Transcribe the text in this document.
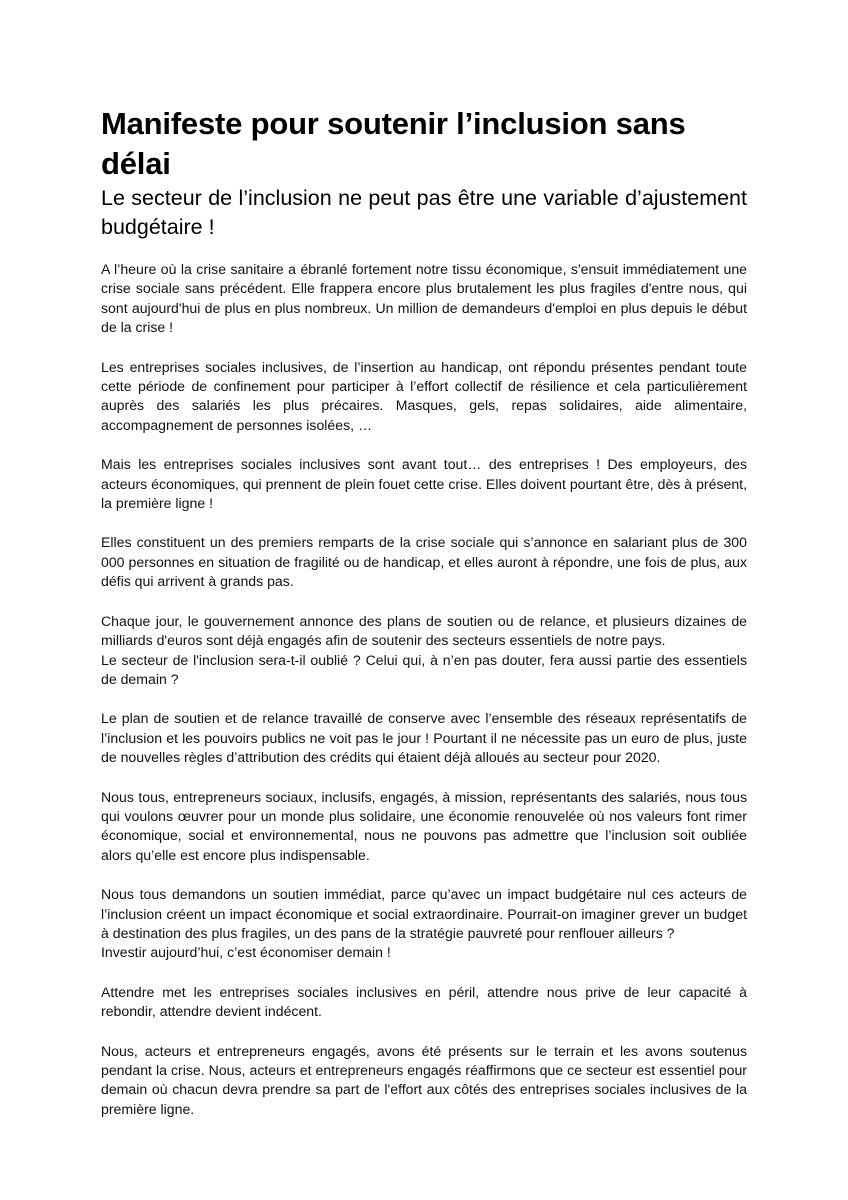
Manifeste pour soutenir l’inclusion sans délai
Le secteur de l’inclusion ne peut pas être une variable d’ajustement budgétaire !

A l’heure où la crise sanitaire a ébranlé fortement notre tissu économique, s'ensuit immédiatement une crise sociale sans précédent. Elle frappera encore plus brutalement les plus fragiles d'entre nous, qui sont aujourd'hui de plus en plus nombreux. Un million de demandeurs d'emploi en plus depuis le début de la crise !

Les entreprises sociales inclusives, de l’insertion au handicap, ont répondu présentes pendant toute cette période de confinement pour participer à l’effort collectif de résilience et cela particulièrement auprès des salariés les plus précaires. Masques, gels, repas solidaires, aide alimentaire, accompagnement de personnes isolées, …

Mais les entreprises sociales inclusives sont avant tout… des entreprises ! Des employeurs, des acteurs économiques, qui prennent de plein fouet cette crise. Elles doivent pourtant être, dès à présent, la première ligne !

Elles constituent un des premiers remparts de la crise sociale qui s’annonce en salariant plus de 300 000 personnes en situation de fragilité ou de handicap, et elles auront à répondre, une fois de plus, aux défis qui arrivent à grands pas.

Chaque jour, le gouvernement annonce des plans de soutien ou de relance, et plusieurs dizaines de milliards d'euros sont déjà engagés afin de soutenir des secteurs essentiels de notre pays.
Le secteur de l'inclusion sera-t-il oublié ? Celui qui, à n’en pas douter, fera aussi partie des essentiels de demain ?

Le plan de soutien et de relance travaillé de conserve avec l’ensemble des réseaux représentatifs de l’inclusion et les pouvoirs publics ne voit pas le jour ! Pourtant il ne nécessite pas un euro de plus, juste de nouvelles règles d’attribution des crédits qui étaient déjà alloués au secteur pour 2020.

Nous tous, entrepreneurs sociaux, inclusifs, engagés, à mission, représentants des salariés, nous tous qui voulons œuvrer pour un monde plus solidaire, une économie renouvelée où nos valeurs font rimer économique, social et environnemental, nous ne pouvons pas admettre que l’inclusion soit oubliée alors qu’elle est encore plus indispensable.

Nous tous demandons un soutien immédiat, parce qu’avec un impact budgétaire nul ces acteurs de l’inclusion créent un impact économique et social extraordinaire. Pourrait-on imaginer grever un budget à destination des plus fragiles, un des pans de la stratégie pauvreté pour renflouer ailleurs ?
Investir aujourd’hui, c’est économiser demain !

Attendre met les entreprises sociales inclusives en péril, attendre nous prive de leur capacité à rebondir, attendre devient indécent.

Nous, acteurs et entrepreneurs engagés, avons été présents sur le terrain et les avons soutenus pendant la crise. Nous, acteurs et entrepreneurs engagés réaffirmons que ce secteur est essentiel pour demain où chacun devra prendre sa part de l'effort aux côtés des entreprises sociales inclusives de la première ligne.
